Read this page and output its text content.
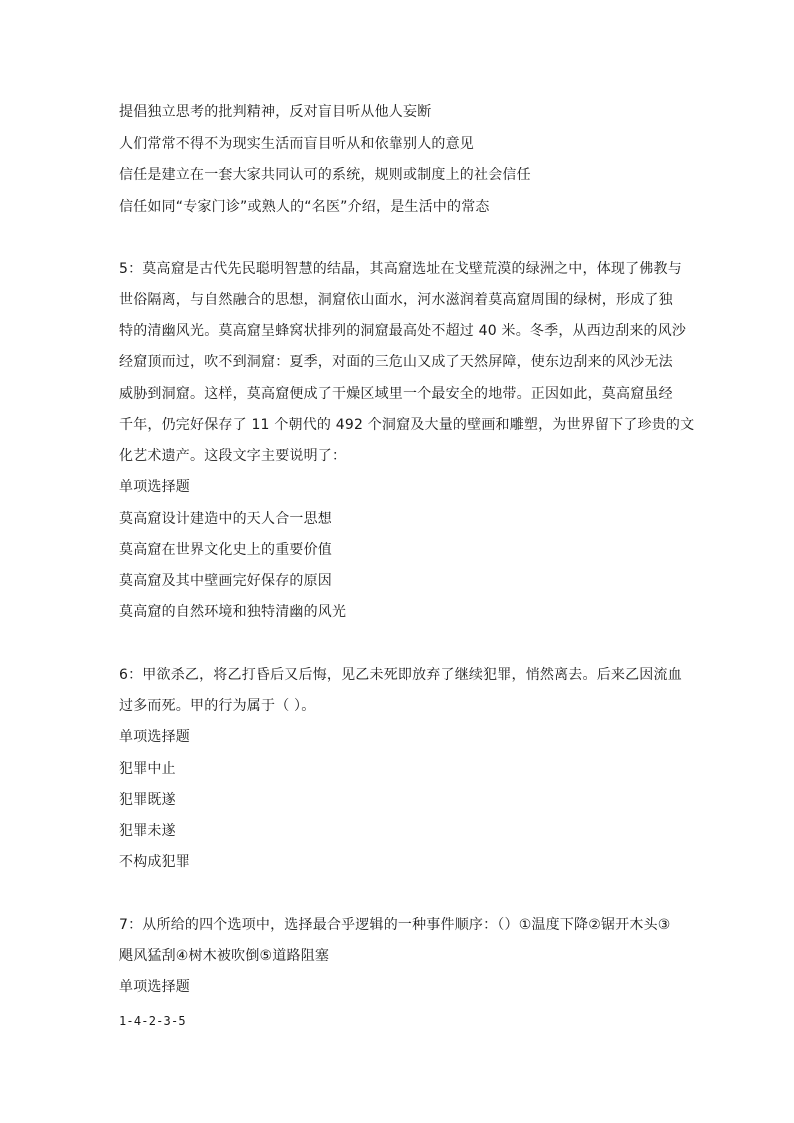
提倡独立思考的批判精神，反对盲目听从他人妄断
人们常常不得不为现实生活而盲目听从和依靠别人的意见
信任是建立在一套大家共同认可的系统，规则或制度上的社会信任
信任如同“专家门诊”或熟人的“名医”介绍，是生活中的常态
5：莫高窟是古代先民聪明智慧的结晶，其高窟选址在戈壁荒漠的绿洲之中，体现了佛教与
世俗隔离，与自然融合的思想，洞窟依山面水，河水滋润着莫高窟周围的绿树，形成了独
特的清幽风光。莫高窟呈蜂窝状排列的洞窟最高处不超过 40 米。冬季，从西边刮来的风沙
经窟顶而过，吹不到洞窟：夏季，对面的三危山又成了天然屏障，使东边刮来的风沙无法
威胁到洞窟。这样，莫高窟便成了干燥区域里一个最安全的地带。正因如此，莫高窟虽经
千年，仍完好保存了 11 个朝代的 492 个洞窟及大量的壁画和雕塑，为世界留下了珍贵的文
化艺术遗产。这段文字主要说明了：
单项选择题
莫高窟设计建造中的天人合一思想
莫高窟在世界文化史上的重要价值
莫高窟及其中壁画完好保存的原因
莫高窟的自然环境和独特清幽的风光
6：甲欲杀乙，将乙打昏后又后悔，见乙未死即放弃了继续犯罪，悄然离去。后来乙因流血
过多而死。甲的行为属于（ ）。
单项选择题
犯罪中止
犯罪既遂
犯罪未遂
不构成犯罪
7：从所给的四个选项中，选择最合乎逻辑的一种事件顺序：（）①温度下降②锯开木头③
飓风猛刮④树木被吹倒⑤道路阻塞
单项选择题
1-4-2-3-5
